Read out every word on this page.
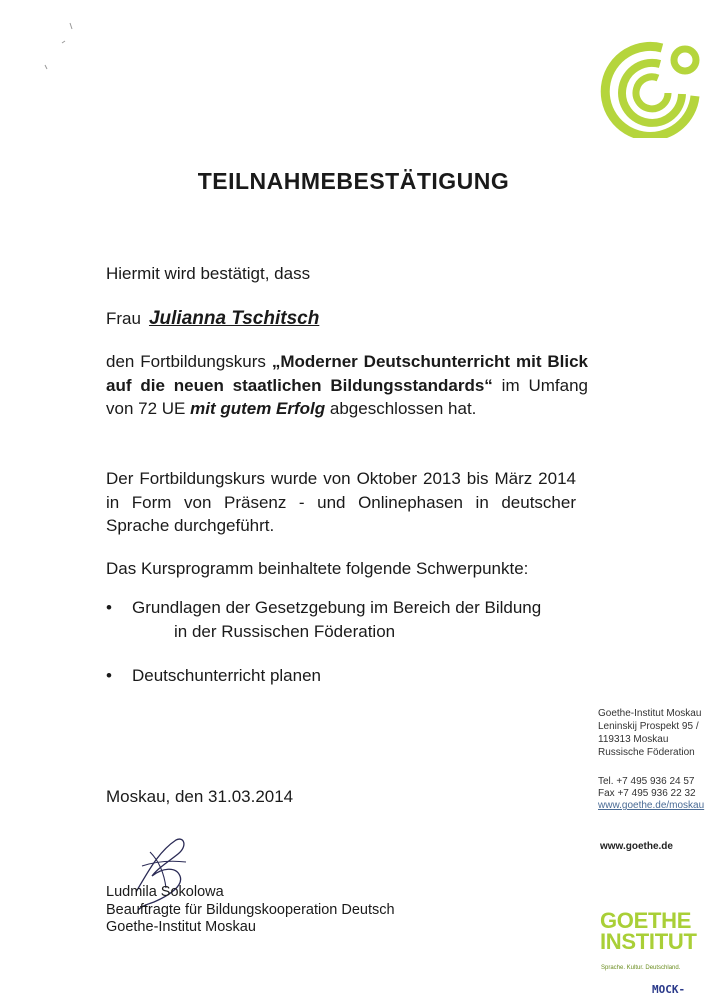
TEILNAHMEBESTÄTIGUNG
Hiermit wird bestätigt, dass
Frau Julianna Tschitsch
den Fortbildungskurs „Moderner Deutschunterricht mit Blick auf die neuen staatlichen Bildungsstandards“ im Umfang von 72 UE mit gutem Erfolg abgeschlossen hat.
Der Fortbildungskurs wurde von Oktober 2013 bis März 2014 in Form von Präsenz - und Onlinephasen in deutscher Sprache durchgeführt.
Das Kursprogramm beinhaltete folgende Schwerpunkte:
• Grundlagen der Gesetzgebung im Bereich der Bildung
in der Russischen Föderation
• Deutschunterricht planen
Moskau, den 31.03.2014
Ludmila Sokolowa
Beauftragte für Bildungskooperation Deutsch
Goethe-Institut Moskau
Goethe-Institut Moskau
Leninskij Prospekt 95 /
119313 Moskau
Russische Föderation
Tel. +7 495 936 24 57
Fax +7 495 936 22 32
www.goethe.de/moskau
www.goethe.de
GOETHE
INSTITUT
Sprache. Kultur. Deutschland.
MOCK-
